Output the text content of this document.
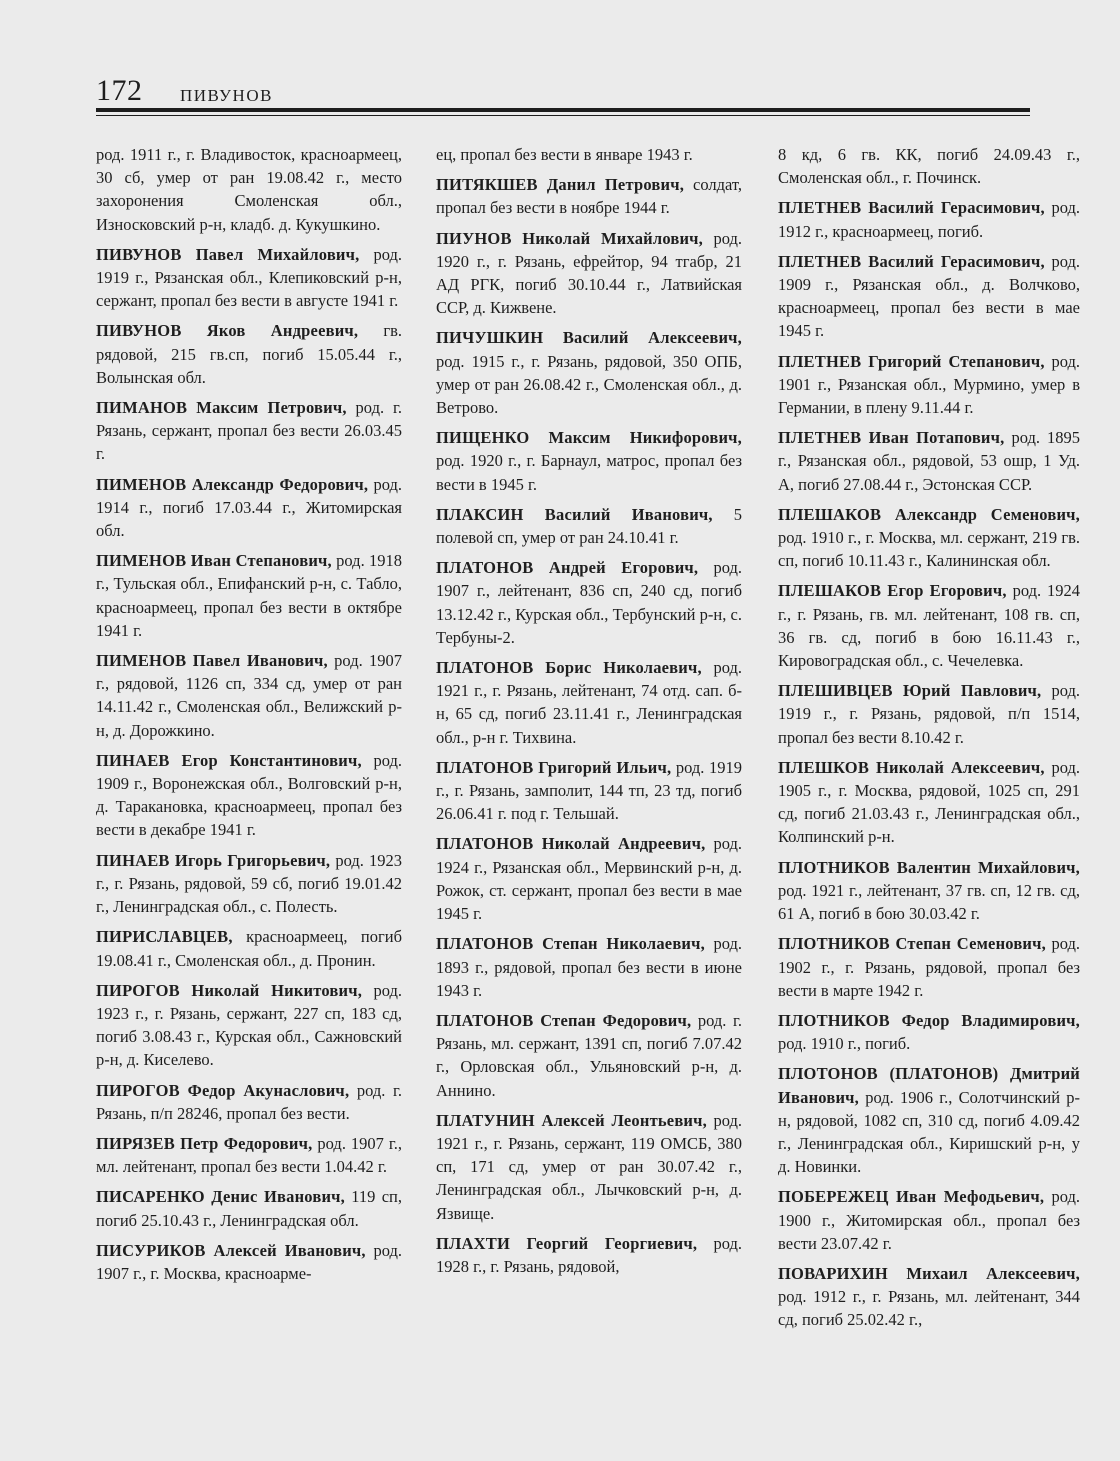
172 ПИВУНОВ

род. 1911 г., г. Владивосток, красноармеец, 30 сб, умер от ран 19.08.42 г., место захоронения Смоленская обл., Износковский р-н, кладб. д. Кукушкино.

ПИВУНОВ Павел Михайлович, род. 1919 г., Рязанская обл., Клепиковский р-н, сержант, пропал без вести в августе 1941 г.

ПИВУНОВ Яков Андреевич, гв. рядовой, 215 гв.сп, погиб 15.05.44 г., Волынская обл.

ПИМАНОВ Максим Петрович, род. г. Рязань, сержант, пропал без вести 26.03.45 г.

ПИМЕНОВ Александр Федорович, род. 1914 г., погиб 17.03.44 г., Житомирская обл.

ПИМЕНОВ Иван Степанович, род. 1918 г., Тульская обл., Епифанский р-н, с. Табло, красноармеец, пропал без вести в октябре 1941 г.

ПИМЕНОВ Павел Иванович, род. 1907 г., рядовой, 1126 сп, 334 сд, умер от ран 14.11.42 г., Смоленская обл., Велижский р-н, д. Дорожкино.

ПИНАЕВ Егор Константинович, род. 1909 г., Воронежская обл., Волговский р-н, д. Таракановка, красноармеец, пропал без вести в декабре 1941 г.

ПИНАЕВ Игорь Григорьевич, род. 1923 г., г. Рязань, рядовой, 59 сб, погиб 19.01.42 г., Ленинградская обл., с. Полесть.

ПИРИСЛАВЦЕВ, красноармеец, погиб 19.08.41 г., Смоленская обл., д. Пронин.

ПИРОГОВ Николай Никитович, род. 1923 г., г. Рязань, сержант, 227 сп, 183 сд, погиб 3.08.43 г., Курская обл., Сажновский р-н, д. Киселево.

ПИРОГОВ Федор Акунаслович, род. г. Рязань, п/п 28246, пропал без вести.

ПИРЯЗЕВ Петр Федорович, род. 1907 г., мл. лейтенант, пропал без вести 1.04.42 г.

ПИСАРЕНКО Денис Иванович, 119 сп, погиб 25.10.43 г., Ленинградская обл.

ПИСУРИКОВ Алексей Иванович, род. 1907 г., г. Москва, красноарме-

ец, пропал без вести в январе 1943 г.

ПИТЯКШЕВ Данил Петрович, солдат, пропал без вести в ноябре 1944 г.

ПИУНОВ Николай Михайлович, род. 1920 г., г. Рязань, ефрейтор, 94 тгабр, 21 АД РГК, погиб 30.10.44 г., Латвийская ССР, д. Кижвене.

ПИЧУШКИН Василий Алексеевич, род. 1915 г., г. Рязань, рядовой, 350 ОПБ, умер от ран 26.08.42 г., Смоленская обл., д. Ветрово.

ПИЩЕНКО Максим Никифорович, род. 1920 г., г. Барнаул, матрос, пропал без вести в 1945 г.

ПЛАКСИН Василий Иванович, 5 полевой сп, умер от ран 24.10.41 г.

ПЛАТОНОВ Андрей Егорович, род. 1907 г., лейтенант, 836 сп, 240 сд, погиб 13.12.42 г., Курская обл., Тербунский р-н, с. Тербуны-2.

ПЛАТОНОВ Борис Николаевич, род. 1921 г., г. Рязань, лейтенант, 74 отд. сап. б-н, 65 сд, погиб 23.11.41 г., Ленинградская обл., р-н г. Тихвина.

ПЛАТОНОВ Григорий Ильич, род. 1919 г., г. Рязань, замполит, 144 тп, 23 тд, погиб 26.06.41 г. под г. Тельшай.

ПЛАТОНОВ Николай Андреевич, род. 1924 г., Рязанская обл., Мервинский р-н, д. Рожок, ст. сержант, пропал без вести в мае 1945 г.

ПЛАТОНОВ Степан Николаевич, род. 1893 г., рядовой, пропал без вести в июне 1943 г.

ПЛАТОНОВ Степан Федорович, род. г. Рязань, мл. сержант, 1391 сп, погиб 7.07.42 г., Орловская обл., Ульяновский р-н, д. Аннино.

ПЛАТУНИН Алексей Леонтьевич, род. 1921 г., г. Рязань, сержант, 119 ОМСБ, 380 сп, 171 сд, умер от ран 30.07.42 г., Ленинградская обл., Лычковский р-н, д. Язвище.

ПЛАХТИ Георгий Георгиевич, род. 1928 г., г. Рязань, рядовой,

8 кд, 6 гв. КК, погиб 24.09.43 г., Смоленская обл., г. Починск.

ПЛЕТНЕВ Василий Герасимович, род. 1912 г., красноармеец, погиб.

ПЛЕТНЕВ Василий Герасимович, род. 1909 г., Рязанская обл., д. Волчково, красноармеец, пропал без вести в мае 1945 г.

ПЛЕТНЕВ Григорий Степанович, род. 1901 г., Рязанская обл., Мурмино, умер в Германии, в плену 9.11.44 г.

ПЛЕТНЕВ Иван Потапович, род. 1895 г., Рязанская обл., рядовой, 53 ошр, 1 Уд. А, погиб 27.08.44 г., Эстонская ССР.

ПЛЕШАКОВ Александр Семенович, род. 1910 г., г. Москва, мл. сержант, 219 гв. сп, погиб 10.11.43 г., Калининская обл.

ПЛЕШАКОВ Егор Егорович, род. 1924 г., г. Рязань, гв. мл. лейтенант, 108 гв. сп, 36 гв. сд, погиб в бою 16.11.43 г., Кировоградская обл., с. Чечелевка.

ПЛЕШИВЦЕВ Юрий Павлович, род. 1919 г., г. Рязань, рядовой, п/п 1514, пропал без вести 8.10.42 г.

ПЛЕШКОВ Николай Алексеевич, род. 1905 г., г. Москва, рядовой, 1025 сп, 291 сд, погиб 21.03.43 г., Ленинградская обл., Колпинский р-н.

ПЛОТНИКОВ Валентин Михайлович, род. 1921 г., лейтенант, 37 гв. сп, 12 гв. сд, 61 А, погиб в бою 30.03.42 г.

ПЛОТНИКОВ Степан Семенович, род. 1902 г., г. Рязань, рядовой, пропал без вести в марте 1942 г.

ПЛОТНИКОВ Федор Владимирович, род. 1910 г., погиб.

ПЛОТОНОВ (ПЛАТОНОВ) Дмитрий Иванович, род. 1906 г., Солотчинский р-н, рядовой, 1082 сп, 310 сд, погиб 4.09.42 г., Ленинградская обл., Киришский р-н, у д. Новинки.

ПОБЕРЕЖЕЦ Иван Мефодьевич, род. 1900 г., Житомирская обл., пропал без вести 23.07.42 г.

ПОВАРИХИН Михаил Алексеевич, род. 1912 г., г. Рязань, мл. лейтенант, 344 сд, погиб 25.02.42 г.,
